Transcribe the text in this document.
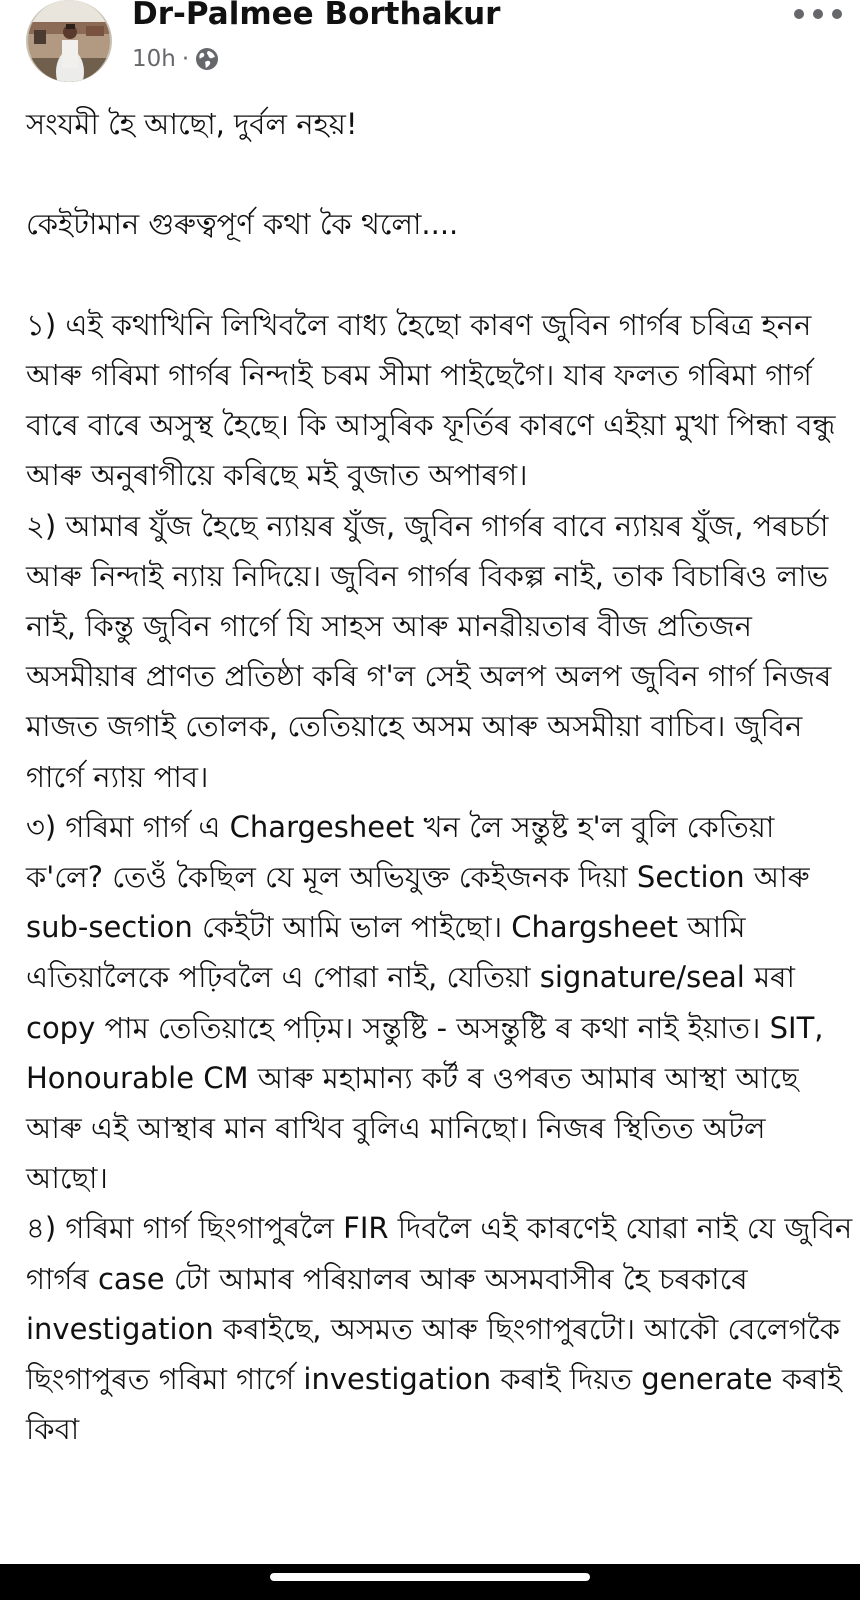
Dr-Palmee Borthakur
10h ·

সংযমী হৈ আছো, দুৰ্বল নহয়!

কেইটামান গুৰুত্বপূৰ্ণ কথা কৈ থলো....

১) এই কথাখিনি লিখিবলৈ বাধ্য হৈছো কাৰণ জুবিন গাৰ্গৰ চৰিত্ৰ হনন আৰু গৰিমা গাৰ্গৰ নিন্দাই চৰম সীমা পাইছেগৈ। যাৰ ফলত গৰিমা গাৰ্গ বাৰে বাৰে অসুস্থ হৈছে। কি আসুৰিক ফূৰ্তিৰ কাৰণে এইয়া মুখা পিন্ধা বন্ধু আৰু অনুৰাগীয়ে কৰিছে মই বুজাত অপাৰগ।

২) আমাৰ যুঁজ হৈছে ন্যায়ৰ যুঁজ, জুবিন গাৰ্গৰ বাবে ন্যায়ৰ যুঁজ, পৰচৰ্চা আৰু নিন্দাই ন্যায় নিদিয়ে। জুবিন গাৰ্গৰ বিকল্প নাই, তাক বিচাৰিও লাভ নাই, কিন্তু জুবিন গাৰ্গে যি সাহস আৰু মানৱীয়তাৰ বীজ প্ৰতিজন অসমীয়াৰ প্ৰাণত প্ৰতিষ্ঠা কৰি গ'ল সেই অলপ অলপ জুবিন গাৰ্গ নিজৰ মাজত জগাই তোলক, তেতিয়াহে অসম আৰু অসমীয়া বাচিব। জুবিন গাৰ্গে ন্যায় পাব।

৩) গৰিমা গাৰ্গ এ Chargesheet খন লৈ সন্তুষ্ট হ'ল বুলি কেতিয়া ক'লে? তেওঁ কৈছিল যে মূল অভিযুক্ত কেইজনক দিয়া Section আৰু sub-section কেইটা আমি ভাল পাইছো। Chargsheet আমি এতিয়ালৈকে পঢ়িবলৈ এ পোৱা নাই, যেতিয়া signature/seal মৰা copy পাম তেতিয়াহে পঢ়িম। সন্তুষ্টি - অসন্তুষ্টি ৰ কথা নাই ইয়াত। SIT, Honourable CM আৰু মহামান্য কৰ্ট ৰ ওপৰত আমাৰ আস্থা আছে আৰু এই আস্থাৰ মান ৰাখিব বুলিএ মানিছো। নিজৰ স্থিতিত অটল আছো।

৪) গৰিমা গাৰ্গ ছিংগাপুৰলৈ FIR দিবলৈ এই কাৰণেই যোৱা নাই যে জুবিন গাৰ্গৰ case টো আমাৰ পৰিয়ালৰ আৰু অসমবাসীৰ হৈ চৰকাৰে investigation কৰাইছে, অসমত আৰু ছিংগাপুৰটো। আকৌ বেলেগকৈ ছিংগাপুৰত গৰিমা গাৰ্গে investigation কৰাই দিয়ত generate কৰাই কিবা
